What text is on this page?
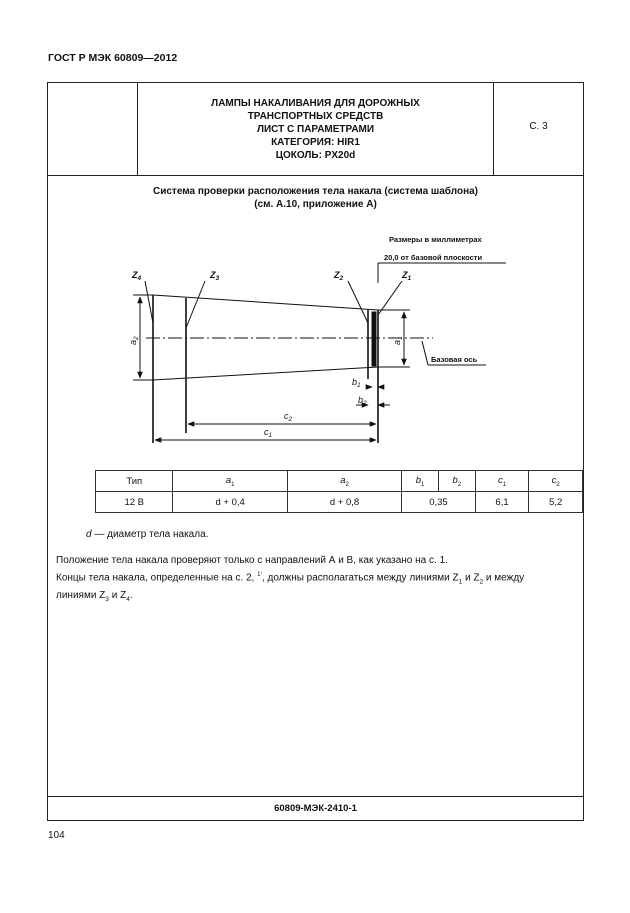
ГОСТ Р МЭК 60809—2012
ЛАМПЫ НАКАЛИВАНИЯ ДЛЯ ДОРОЖНЫХ
ТРАНСПОРТНЫХ СРЕДСТВ
ЛИСТ С ПАРАМЕТРАМИ
КАТЕГОРИЯ: HIR1
ЦОКОЛЬ: PX20d
С. 3
Система проверки расположения тела накала (система шаблона)
(см. А.10, приложение А)
Размеры в миллиметрах
20,0 от базовой плоскости
Базовая ось
$Z_4$	$Z_3$	$Z_2$	$Z_1$
$a_2$
$a_1$
$b_1$
$b_2$
$c_2$
$c_1$
Тип	$a_1$	$a_2$	$b_1$	$b_2$	$c_1$	$c_2$
12 В	d + 0,4	d + 0,8	0,35		6,1	5,2
d — диаметр тела накала.
Положение тела накала проверяют только с направлений А и В, как указано на с. 1.
Концы тела накала, определенные на с. 2, $^{1^)}$, должны располагаться между линиями $Z_1$ и $Z_2$ и между
линиями $Z_3$ и $Z_4$.
60809-МЭК-2410-1
104
